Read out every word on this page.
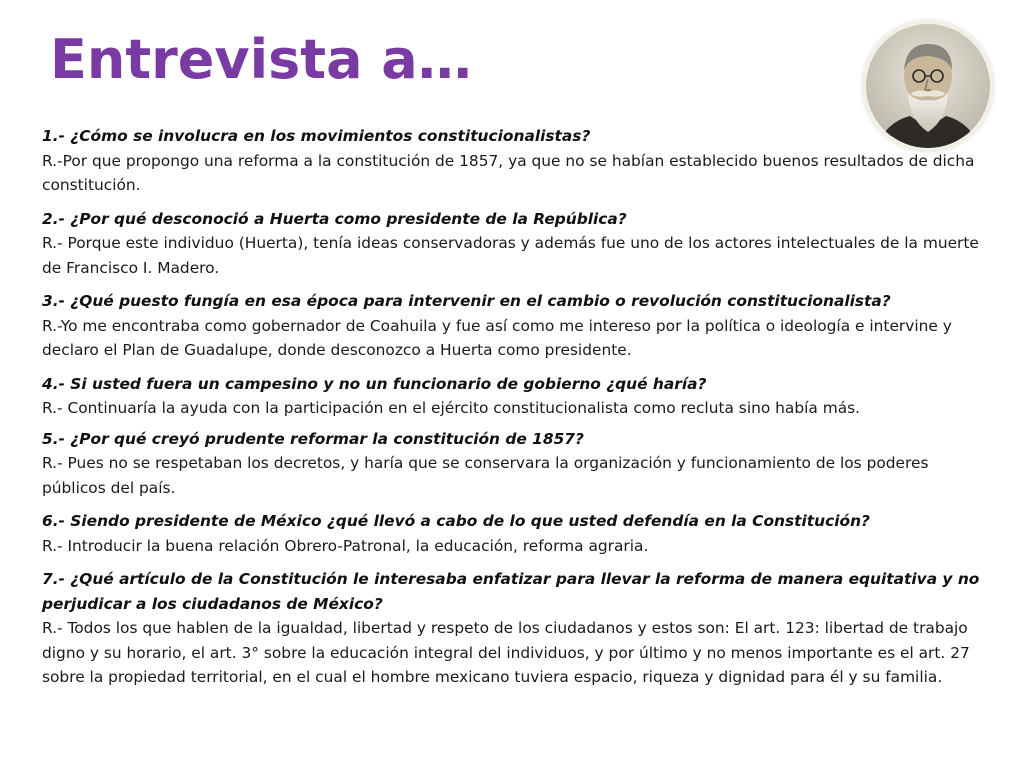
Entrevista a…
1.- ¿Cómo se involucra en los movimientos constitucionalistas?
R.-Por que propongo una reforma a la constitución de 1857, ya que no se habían establecido buenos resultados de dicha constitución.
2.- ¿Por qué desconoció a Huerta como presidente de la República?
R.- Porque este individuo (Huerta), tenía ideas conservadoras y además fue uno de los actores intelectuales de la muerte de Francisco I. Madero.
3.- ¿Qué puesto fungía en esa época para intervenir en el cambio o revolución constitucionalista?
R.-Yo me encontraba como gobernador de Coahuila y fue así como me intereso por la política o ideología e intervine y declaro el Plan de Guadalupe, donde desconozco a Huerta como presidente.
4.- Si usted fuera un campesino y no un funcionario de gobierno ¿qué haría?
R.- Continuaría la ayuda con la participación en el ejército constitucionalista como recluta sino había más.
5.- ¿Por qué creyó prudente reformar la constitución de 1857?
R.- Pues no se respetaban los decretos, y haría que se conservara la organización y funcionamiento de los poderes públicos del país.
6.- Siendo presidente de México ¿qué llevó a cabo de lo que usted defendía en la Constitución?
R.- Introducir la buena relación Obrero-Patronal, la educación, reforma agraria.
7.- ¿Qué artículo de la Constitución le interesaba enfatizar para llevar la reforma de manera equitativa y no perjudicar a los ciudadanos de México?
R.- Todos los que hablen de la igualdad, libertad y respeto de los ciudadanos y estos son: El art. 123: libertad de trabajo digno y su horario, el art. 3° sobre la educación integral del individuos, y por último y no menos importante es el art. 27 sobre la propiedad territorial, en el cual el hombre mexicano tuviera espacio, riqueza y dignidad para él y su familia.
